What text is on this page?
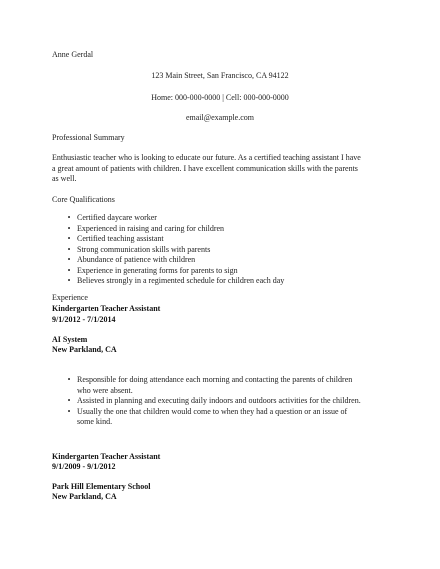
Anne Gerdal
123 Main Street, San Francisco, CA 94122
Home: 000-000-0000 | Cell: 000-000-0000
email@example.com
Professional Summary
Enthusiastic teacher who is looking to educate our future. As a certified teaching assistant I have
a great amount of patients with children. I have excellent communication skills with the parents
as well.
Core Qualifications
• Certified daycare worker
• Experienced in raising and caring for children
• Certified teaching assistant
• Strong communication skills with parents
• Abundance of patience with children
• Experience in generating forms for parents to sign
• Believes strongly in a regimented schedule for children each day
Experience
Kindergarten Teacher Assistant
9/1/2012 - 7/1/2014
AI System
New Parkland, CA
• Responsible for doing attendance each morning and contacting the parents of children
who were absent.
• Assisted in planning and executing daily indoors and outdoors activities for the children.
• Usually the one that children would come to when they had a question or an issue of
some kind.
Kindergarten Teacher Assistant
9/1/2009 - 9/1/2012
Park Hill Elementary School
New Parkland, CA
